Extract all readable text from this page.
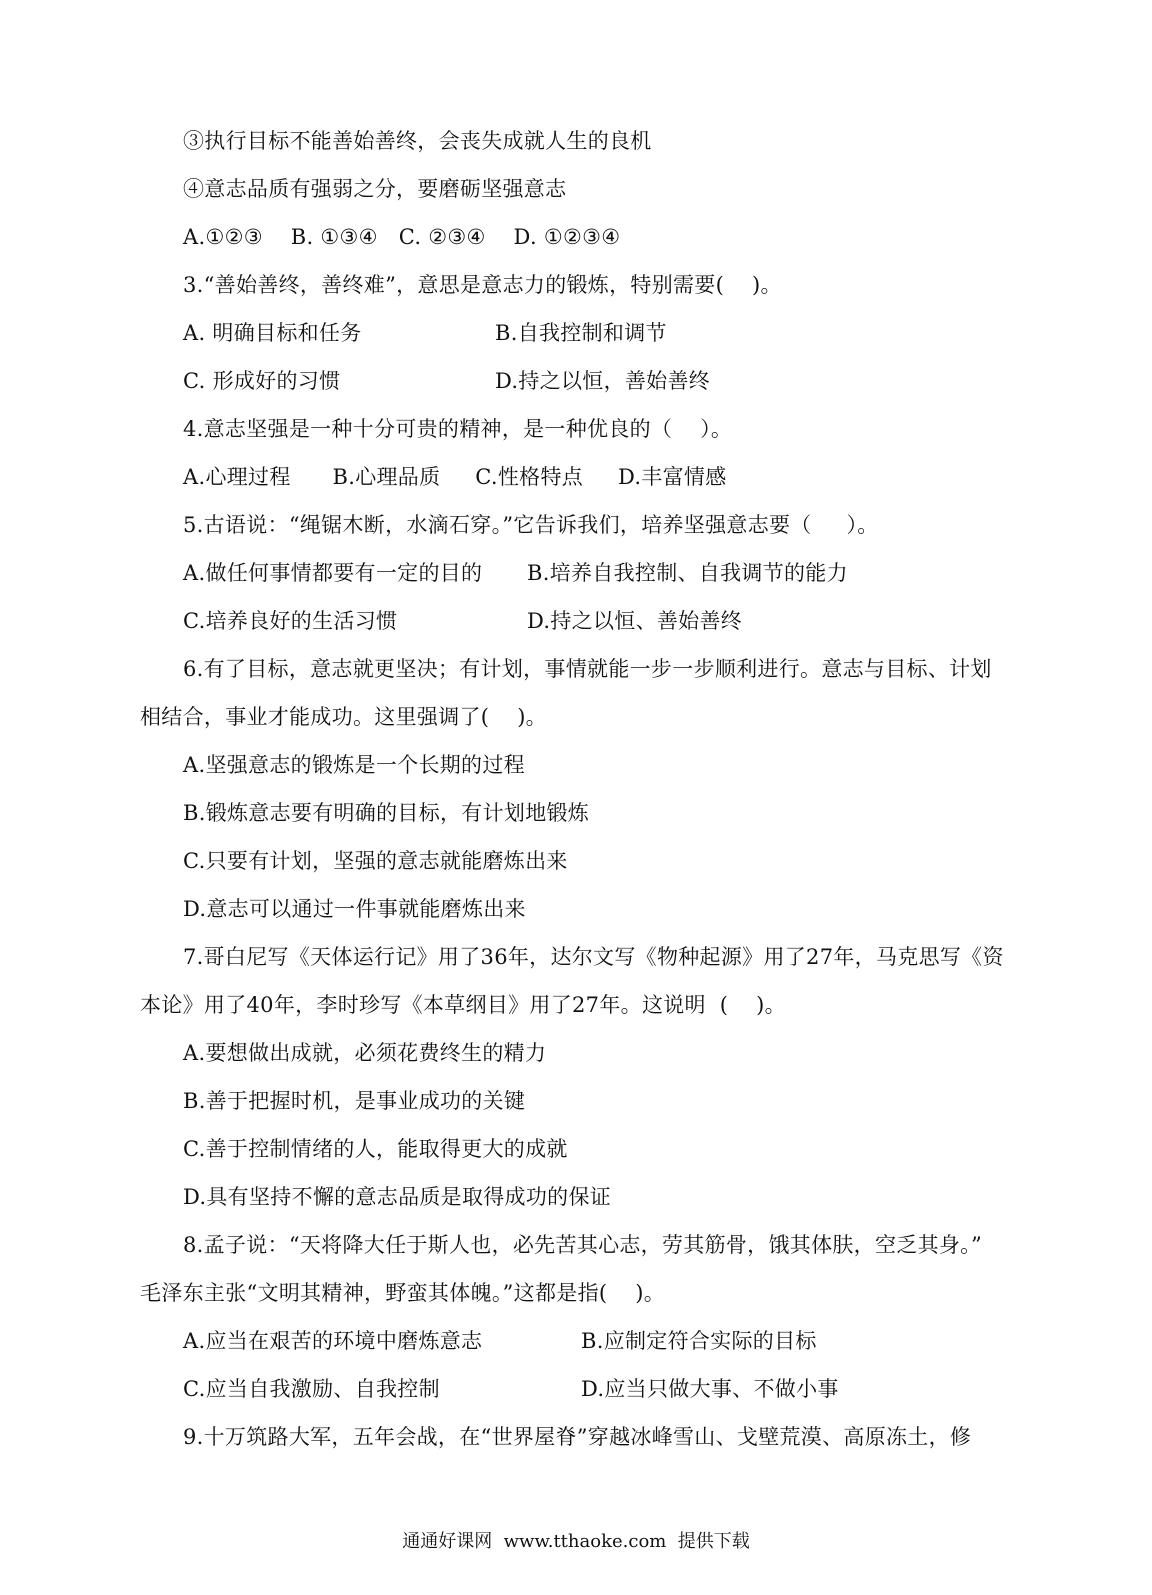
③执行目标不能善始善终，会丧失成就人生的良机
④意志品质有强弱之分，要磨砺坚强意志
A.①②③    B. ①③④   C. ②③④    D. ①②③④
3.“善始善终，善终难”，意思是意志力的锻炼，特别需要(    )。
A. 明确目标和任务	B.自我控制和调节
C. 形成好的习惯	D.持之以恒，善始善终
4.意志坚强是一种十分可贵的精神，是一种优良的（    ）。
A.心理过程      B.心理品质     C.性格特点     D.丰富情感
5.古语说：“绳锯木断，水滴石穿。”它告诉我们，培养坚强意志要（     ）。
A.做任何事情都要有一定的目的 B.培养自我控制、自我调节的能力
C.培养良好的生活习惯	D.持之以恒、善始善终
6.有了目标，意志就更坚决；有计划，事情就能一步一步顺利进行。意志与目标、计划
相结合，事业才能成功。这里强调了(    )。
A.坚强意志的锻炼是一个长期的过程
B.锻炼意志要有明确的目标，有计划地锻炼
C.只要有计划，坚强的意志就能磨炼出来
D.意志可以通过一件事就能磨炼出来
7.哥白尼写《天体运行记》用了36年，达尔文写《物种起源》用了27年，马克思写《资
本论》用了40年，李时珍写《本草纲目》用了27年。这说明  (    )。
A.要想做出成就，必须花费终生的精力
B.善于把握时机，是事业成功的关键
C.善于控制情绪的人，能取得更大的成就
D.具有坚持不懈的意志品质是取得成功的保证
8.孟子说：“天将降大任于斯人也，必先苦其心志，劳其筋骨，饿其体肤，空乏其身。”
毛泽东主张“文明其精神，野蛮其体魄。”这都是指(    )。
A.应当在艰苦的环境中磨炼意志	B.应制定符合实际的目标
C.应当自我激励、自我控制	D.应当只做大事、不做小事
9.十万筑路大军，五年会战，在“世界屋脊”穿越冰峰雪山、戈壁荒漠、高原冻土，修
通通好课网  www.tthaoke.com  提供下载
